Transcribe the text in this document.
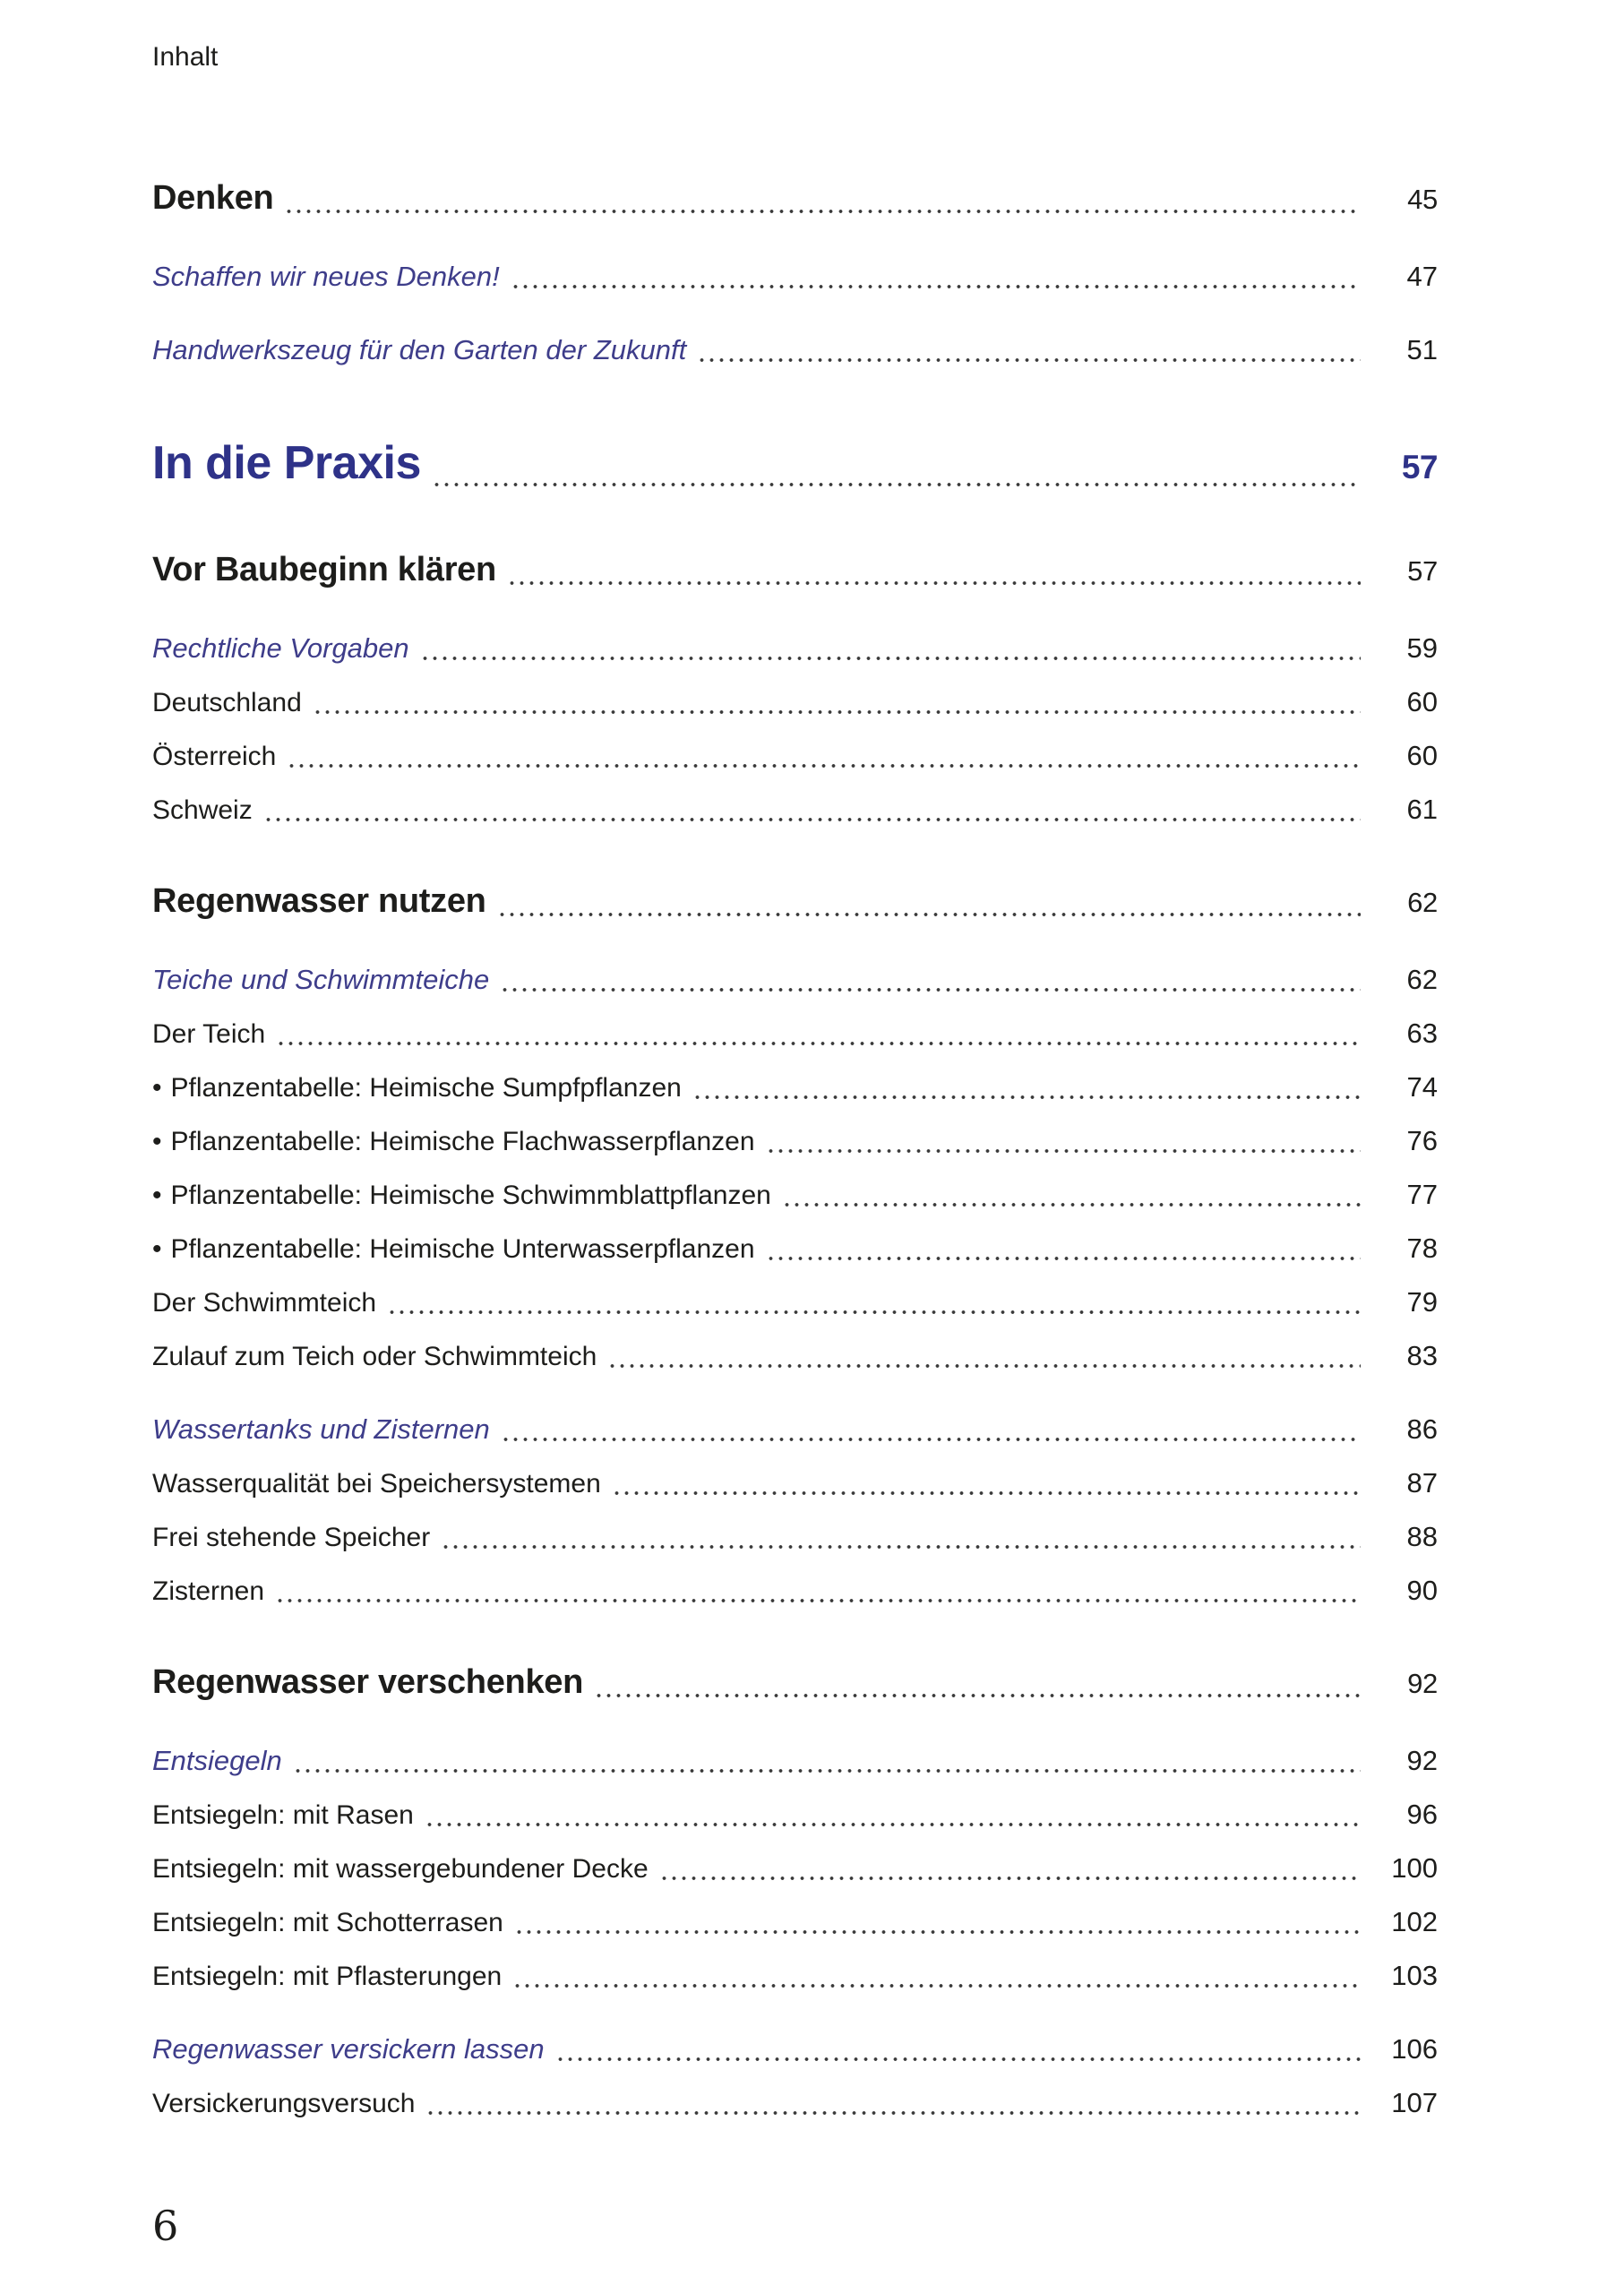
Inhalt
Denken	45
Schaffen wir neues Denken!	47
Handwerkszeug für den Garten der Zukunft	51
In die Praxis	57
Vor Baubeginn klären	57
Rechtliche Vorgaben	59
Deutschland	60
Österreich	60
Schweiz	61
Regenwasser nutzen	62
Teiche und Schwimmteiche	62
Der Teich	63
• Pflanzentabelle: Heimische Sumpfpflanzen	74
• Pflanzentabelle: Heimische Flachwasserpflanzen	76
• Pflanzentabelle: Heimische Schwimmblattpflanzen	77
• Pflanzentabelle: Heimische Unterwasserpflanzen	78
Der Schwimmteich	79
Zulauf zum Teich oder Schwimmteich	83
Wassertanks und Zisternen	86
Wasserqualität bei Speichersystemen	87
Frei stehende Speicher	88
Zisternen	90
Regenwasser verschenken	92
Entsiegeln	92
Entsiegeln: mit Rasen	96
Entsiegeln: mit wassergebundener Decke	100
Entsiegeln: mit Schotterrasen	102
Entsiegeln: mit Pflasterungen	103
Regenwasser versickern lassen	106
Versickerungsversuch	107
6
